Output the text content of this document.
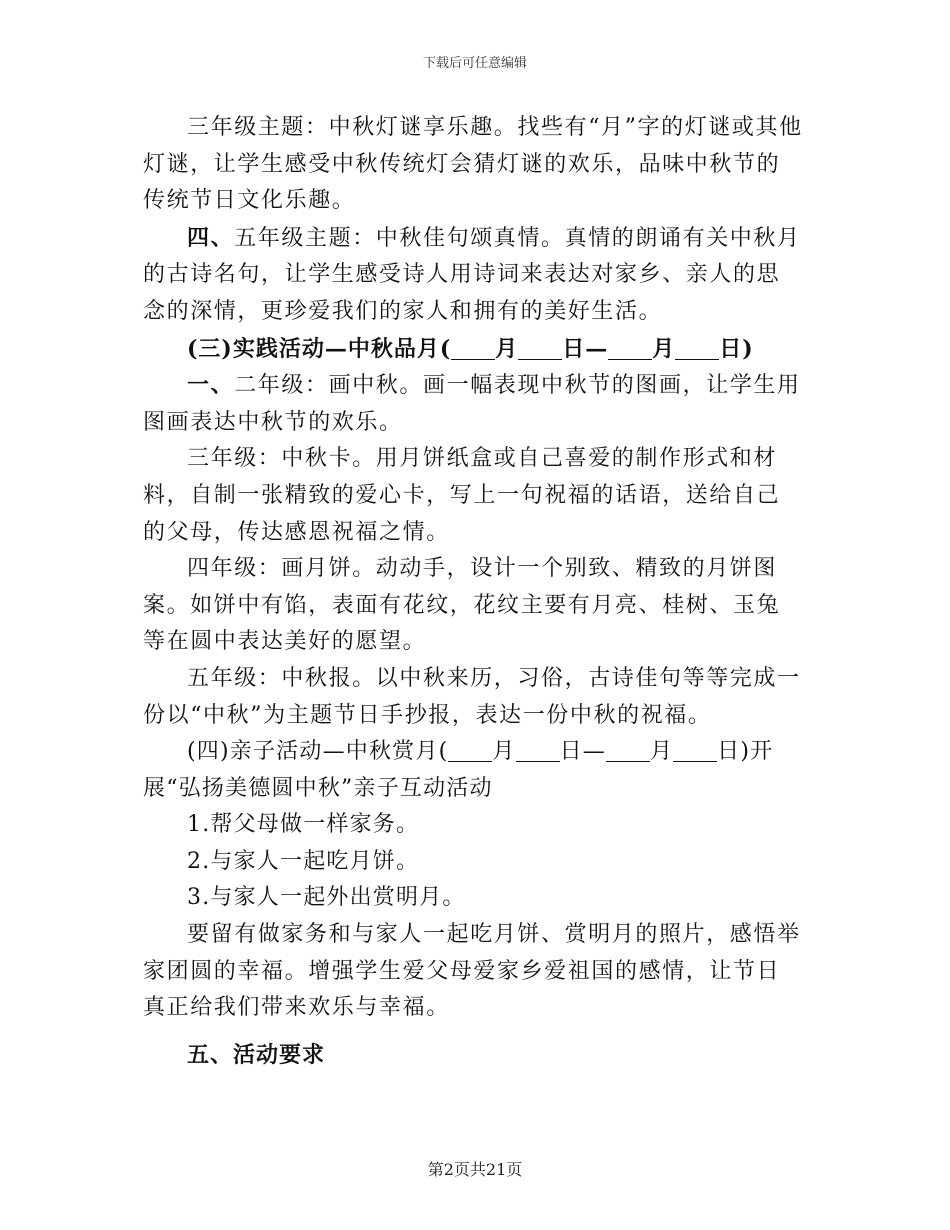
下载后可任意编辑

三年级主题：中秋灯谜享乐趣。找些有“月”字的灯谜或其他灯谜，让学生感受中秋传统灯会猜灯谜的欢乐，品味中秋节的传统节日文化乐趣。

四、五年级主题：中秋佳句颂真情。真情的朗诵有关中秋月的古诗名句，让学生感受诗人用诗词来表达对家乡、亲人的思念的深情，更珍爱我们的家人和拥有的美好生活。

(三)实践活动—中秋品月( 月 日— 月 日)

一、二年级：画中秋。画一幅表现中秋节的图画，让学生用图画表达中秋节的欢乐。

三年级：中秋卡。用月饼纸盒或自己喜爱的制作形式和材料，自制一张精致的爱心卡，写上一句祝福的话语，送给自己的父母，传达感恩祝福之情。

四年级：画月饼。动动手，设计一个别致、精致的月饼图案。如饼中有馅，表面有花纹，花纹主要有月亮、桂树、玉兔等在圆中表达美好的愿望。

五年级：中秋报。以中秋来历，习俗，古诗佳句等等完成一份以“中秋”为主题节日手抄报，表达一份中秋的祝福。

(四)亲子活动—中秋赏月( 月 日— 月 日)开展“弘扬美德圆中秋”亲子互动活动

1.帮父母做一样家务。

2.与家人一起吃月饼。

3.与家人一起外出赏明月。

要留有做家务和与家人一起吃月饼、赏明月的照片，感悟举家团圆的幸福。增强学生爱父母爱家乡爱祖国的感情，让节日真正给我们带来欢乐与幸福。

五、活动要求

第2页共21页
